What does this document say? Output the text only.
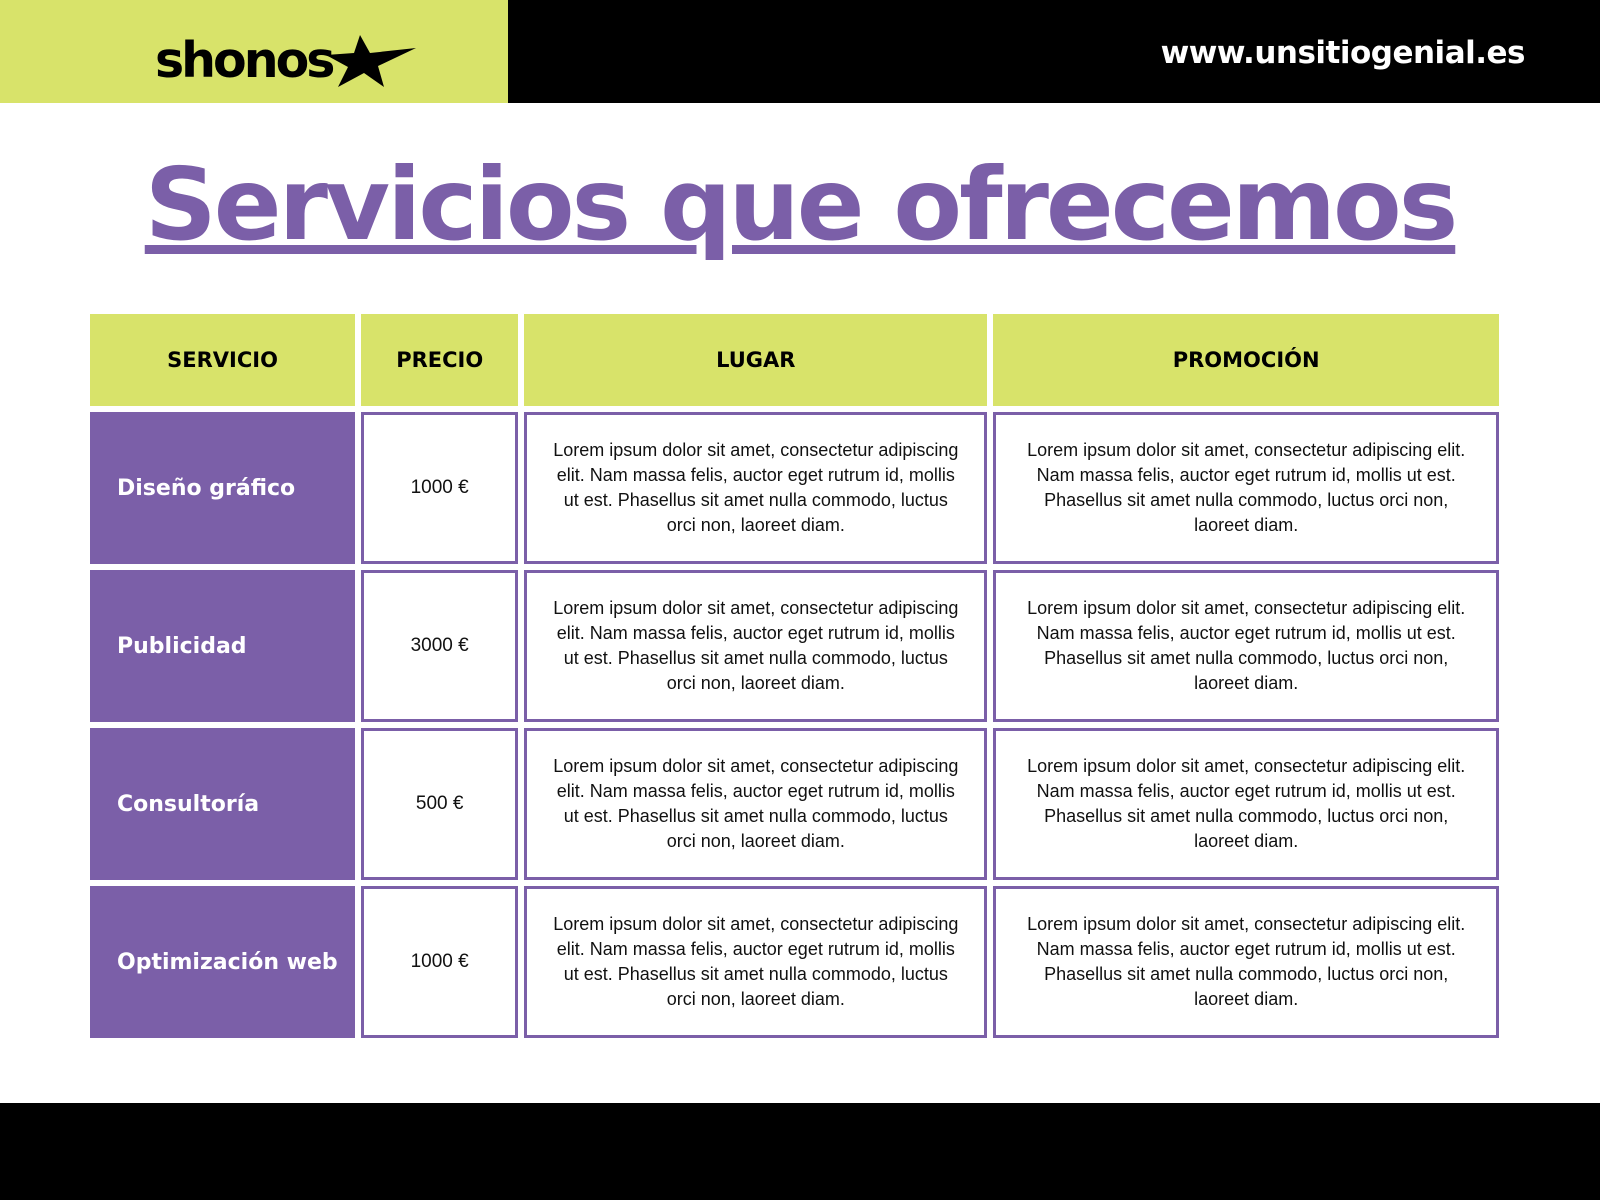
shonos	www.unsitiogenial.es
Servicios que ofrecemos
SERVICIO	PRECIO	LUGAR	PROMOCIÓN
Diseño gráfico	1000 €	Lorem ipsum dolor sit amet, consectetur adipiscing elit. Nam massa felis, auctor eget rutrum id, mollis ut est. Phasellus sit amet nulla commodo, luctus orci non, laoreet diam.	Lorem ipsum dolor sit amet, consectetur adipiscing elit. Nam massa felis, auctor eget rutrum id, mollis ut est. Phasellus sit amet nulla commodo, luctus orci non, laoreet diam.
Publicidad	3000 €	Lorem ipsum dolor sit amet, consectetur adipiscing elit. Nam massa felis, auctor eget rutrum id, mollis ut est. Phasellus sit amet nulla commodo, luctus orci non, laoreet diam.	Lorem ipsum dolor sit amet, consectetur adipiscing elit. Nam massa felis, auctor eget rutrum id, mollis ut est. Phasellus sit amet nulla commodo, luctus orci non, laoreet diam.
Consultoría	500 €	Lorem ipsum dolor sit amet, consectetur adipiscing elit. Nam massa felis, auctor eget rutrum id, mollis ut est. Phasellus sit amet nulla commodo, luctus orci non, laoreet diam.	Lorem ipsum dolor sit amet, consectetur adipiscing elit. Nam massa felis, auctor eget rutrum id, mollis ut est. Phasellus sit amet nulla commodo, luctus orci non, laoreet diam.
Optimización web	1000 €	Lorem ipsum dolor sit amet, consectetur adipiscing elit. Nam massa felis, auctor eget rutrum id, mollis ut est. Phasellus sit amet nulla commodo, luctus orci non, laoreet diam.	Lorem ipsum dolor sit amet, consectetur adipiscing elit. Nam massa felis, auctor eget rutrum id, mollis ut est. Phasellus sit amet nulla commodo, luctus orci non, laoreet diam.
